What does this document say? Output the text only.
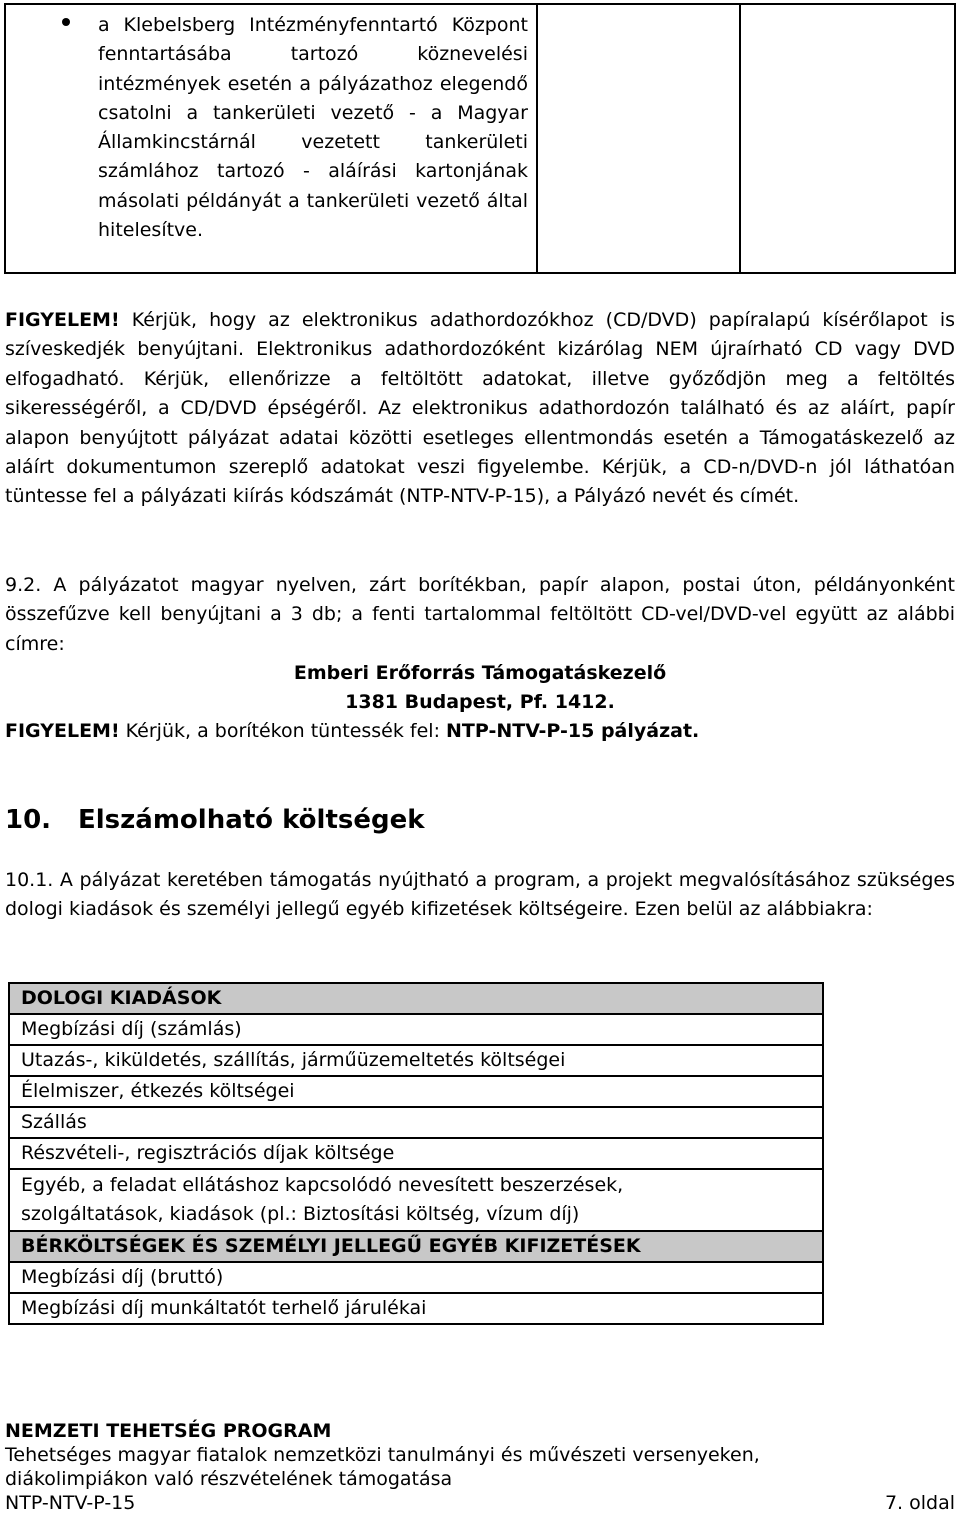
a Klebelsberg Intézményfenntartó Központ fenntartásába tartozó köznevelési intézmények esetén a pályázathoz elegendő csatolni a tankerületi vezető - a Magyar Államkincstárnál vezetett tankerületi számlához tartozó - aláírási kartonjának másolati példányát a tankerületi vezető által hitelesítve.
FIGYELEM! Kérjük, hogy az elektronikus adathordozókhoz (CD/DVD) papíralapú kísérőlapot is szíveskedjék benyújtani. Elektronikus adathordozóként kizárólag NEM újraírható CD vagy DVD elfogadható. Kérjük, ellenőrizze a feltöltött adatokat, illetve győződjön meg a feltöltés sikerességéről, a CD/DVD épségéről. Az elektronikus adathordozón található és az aláírt, papír alapon benyújtott pályázat adatai közötti esetleges ellentmondás esetén a Támogatáskezelő az aláírt dokumentumon szereplő adatokat veszi figyelembe. Kérjük, a CD-n/DVD-n jól láthatóan tüntesse fel a pályázati kiírás kódszámát (NTP-NTV-P-15), a Pályázó nevét és címét.
9.2. A pályázatot magyar nyelven, zárt borítékban, papír alapon, postai úton, példányonként összefűzve kell benyújtani a 3 db; a fenti tartalommal feltöltött CD-vel/DVD-vel együtt az alábbi címre:
Emberi Erőforrás Támogatáskezelő
1381 Budapest, Pf. 1412.
FIGYELEM! Kérjük, a borítékon tüntessék fel: NTP-NTV-P-15 pályázat.
10. Elszámolható költségek
10.1. A pályázat keretében támogatás nyújtható a program, a projekt megvalósításához szükséges dologi kiadások és személyi jellegű egyéb kifizetések költségeire. Ezen belül az alábbiakra:
DOLOGI KIADÁSOK
Megbízási díj (számlás)
Utazás-, kiküldetés, szállítás, járműüzemeltetés költségei
Élelmiszer, étkezés költségei
Szállás
Részvételi-, regisztrációs díjak költsége
Egyéb, a feladat ellátáshoz kapcsolódó nevesített beszerzések,
szolgáltatások, kiadások (pl.: Biztosítási költség, vízum díj)
BÉRKÖLTSÉGEK ÉS SZEMÉLYI JELLEGŰ EGYÉB KIFIZETÉSEK
Megbízási díj (bruttó)
Megbízási díj munkáltatót terhelő járulékai
NEMZETI TEHETSÉG PROGRAM
Tehetséges magyar fiatalok nemzetközi tanulmányi és művészeti versenyeken,
diákolimpiákon való részvételének támogatása
NTP-NTV-P-15	7. oldal
